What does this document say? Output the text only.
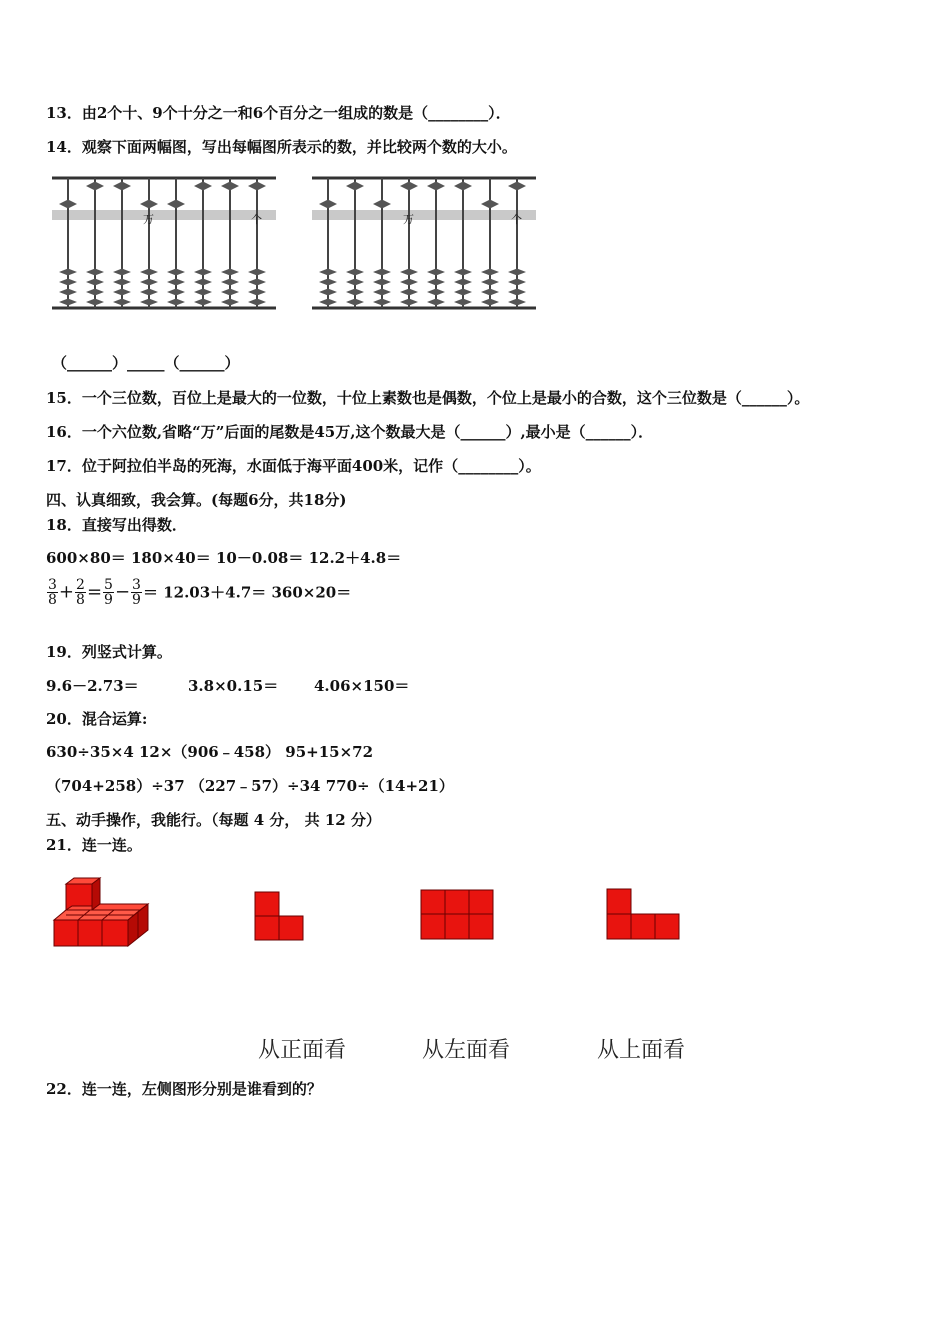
13．由2个十、9个十分之一和6个百分之一组成的数是（________）．
14．观察下面两幅图，写出每幅图所表示的数，并比较两个数的大小。
万	个	万	个
（______）_____（______）
15．一个三位数，百位上是最大的一位数，十位上素数也是偶数，个位上是最小的合数，这个三位数是（______）。
16．一个六位数,省略“万”后面的尾数是45万,这个数最大是（______）,最小是（______）．
17．位于阿拉伯半岛的死海，水面低于海平面400米，记作（________）。
四、认真细致，我会算。(每题6分，共18分)
18．直接写出得数．
600×80＝ 180×40＝ 10－0.08＝ 12.2＋4.8＝
$\frac{3}{8} + \frac{2}{8} = \frac{5}{9} - \frac{3}{9} = 12.03+4.7= 360\times 20=$
19．列竖式计算。
9.6－2.73＝	3.8×0.15＝ 4.06×150＝
20．混合运算:
630÷35×4 12×（906﹣458） 95+15×72
（704+258）÷37 （227﹣57）÷34 770÷（14+21）
五、动手操作，我能行。（每题 4 分， 共 12 分）
21．连一连。
从正面看	从左面看	从上面看
22．连一连，左侧图形分别是谁看到的？
